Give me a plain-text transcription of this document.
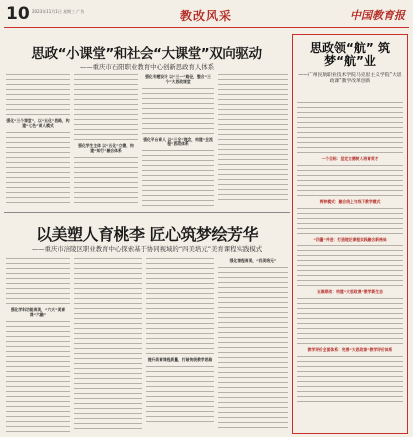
10 2023年11月1日 星期三 广告	教改风采	中国教育报
思政“小课堂”和社会“大课堂”双向驱动
——重庆市石阳职业教育中心创新思政育人体系
强化“三个课堂”，以“五化”思路，构建“七色”育人模式
强化学生主体 以“五化”立德，构建“知行”融合体系
强化专题设计 以“三一”路径，整合“三个”大思政课堂
强化平台育人 以“三全”理念，构建“全流程”思政体系
以美塑人育桃李 匠心筑梦绘芳华
——重庆市涪陵区职业教育中心探索基于协同视域的“四美培元”美育课程实践模式
强化学科功能育美，“六大”美育课“六融”
提升美育课程质量，打破传统教学思路
强化课程育美，“四美培元”
思政领“航” 筑梦“航”业
——广州民航职业技术学院马克思主义学院“大思政课”教学改革创新
一个目标：坚定立德树人培育英才
两种模式：融合线上与线下教学模式
“四量”并进：打造理论课程实践融合新格局
五维联动：构建“大思政课”教学新生态
教学评价全面体系：完善“大思政课”教学评价体系
